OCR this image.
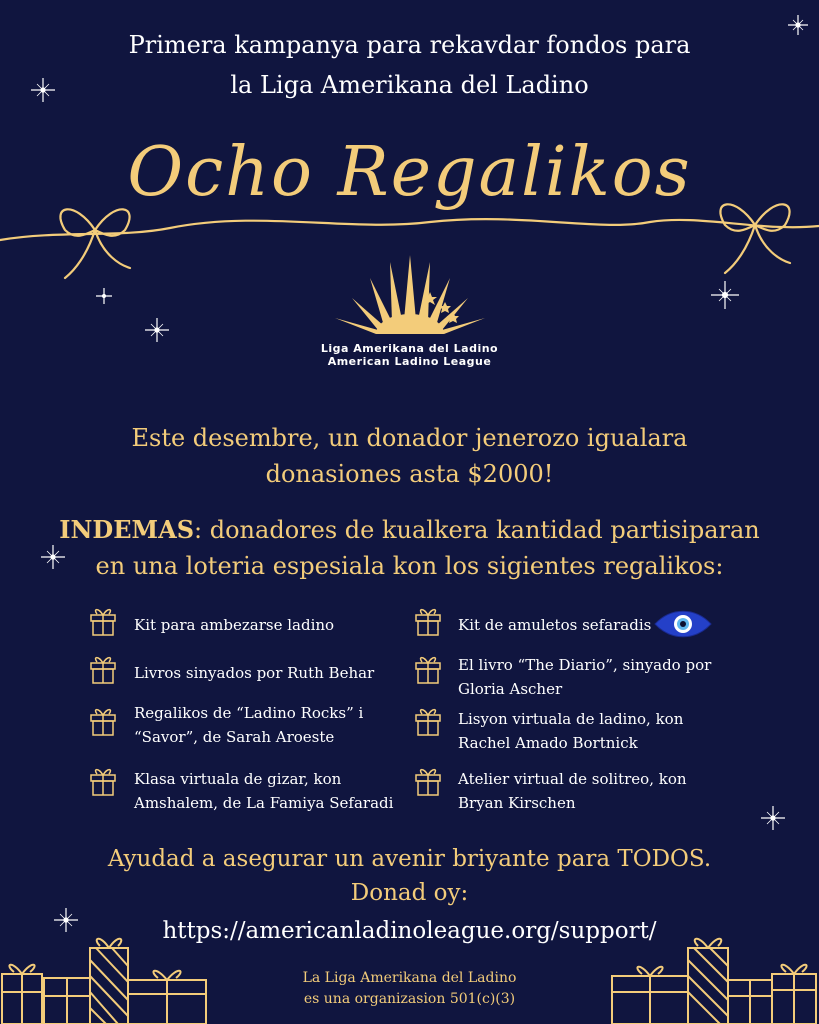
Primera kampanya para rekavdar fondos para
la Liga Amerikana del Ladino
Ocho Regalikos
Liga Amerikana del Ladino
American Ladino League
Este desembre, un donador jenerozo igualara
donasiones asta $2000!
INDEMAS: donadores de kualkera kantidad partisiparan
en una loteria espesiala kon los sigientes regalikos:
Kit para ambezarse ladino
Livros sinyados por Ruth Behar
Regalikos de “Ladino Rocks” i
“Savor”, de Sarah Aroeste
Klasa virtuala de gizar, kon
Amshalem, de La Famiya Sefaradi
Kit de amuletos sefaradis
El livro “The Diario”, sinyado por
Gloria Ascher
Lisyon virtuala de ladino, kon
Rachel Amado Bortnick
Atelier virtual de solitreo, kon
Bryan Kirschen
Ayudad a asegurar un avenir briyante para TODOS.
Donad oy:
https://americanladinoleague.org/support/
La Liga Amerikana del Ladino
es una organizasion 501(c)(3)
